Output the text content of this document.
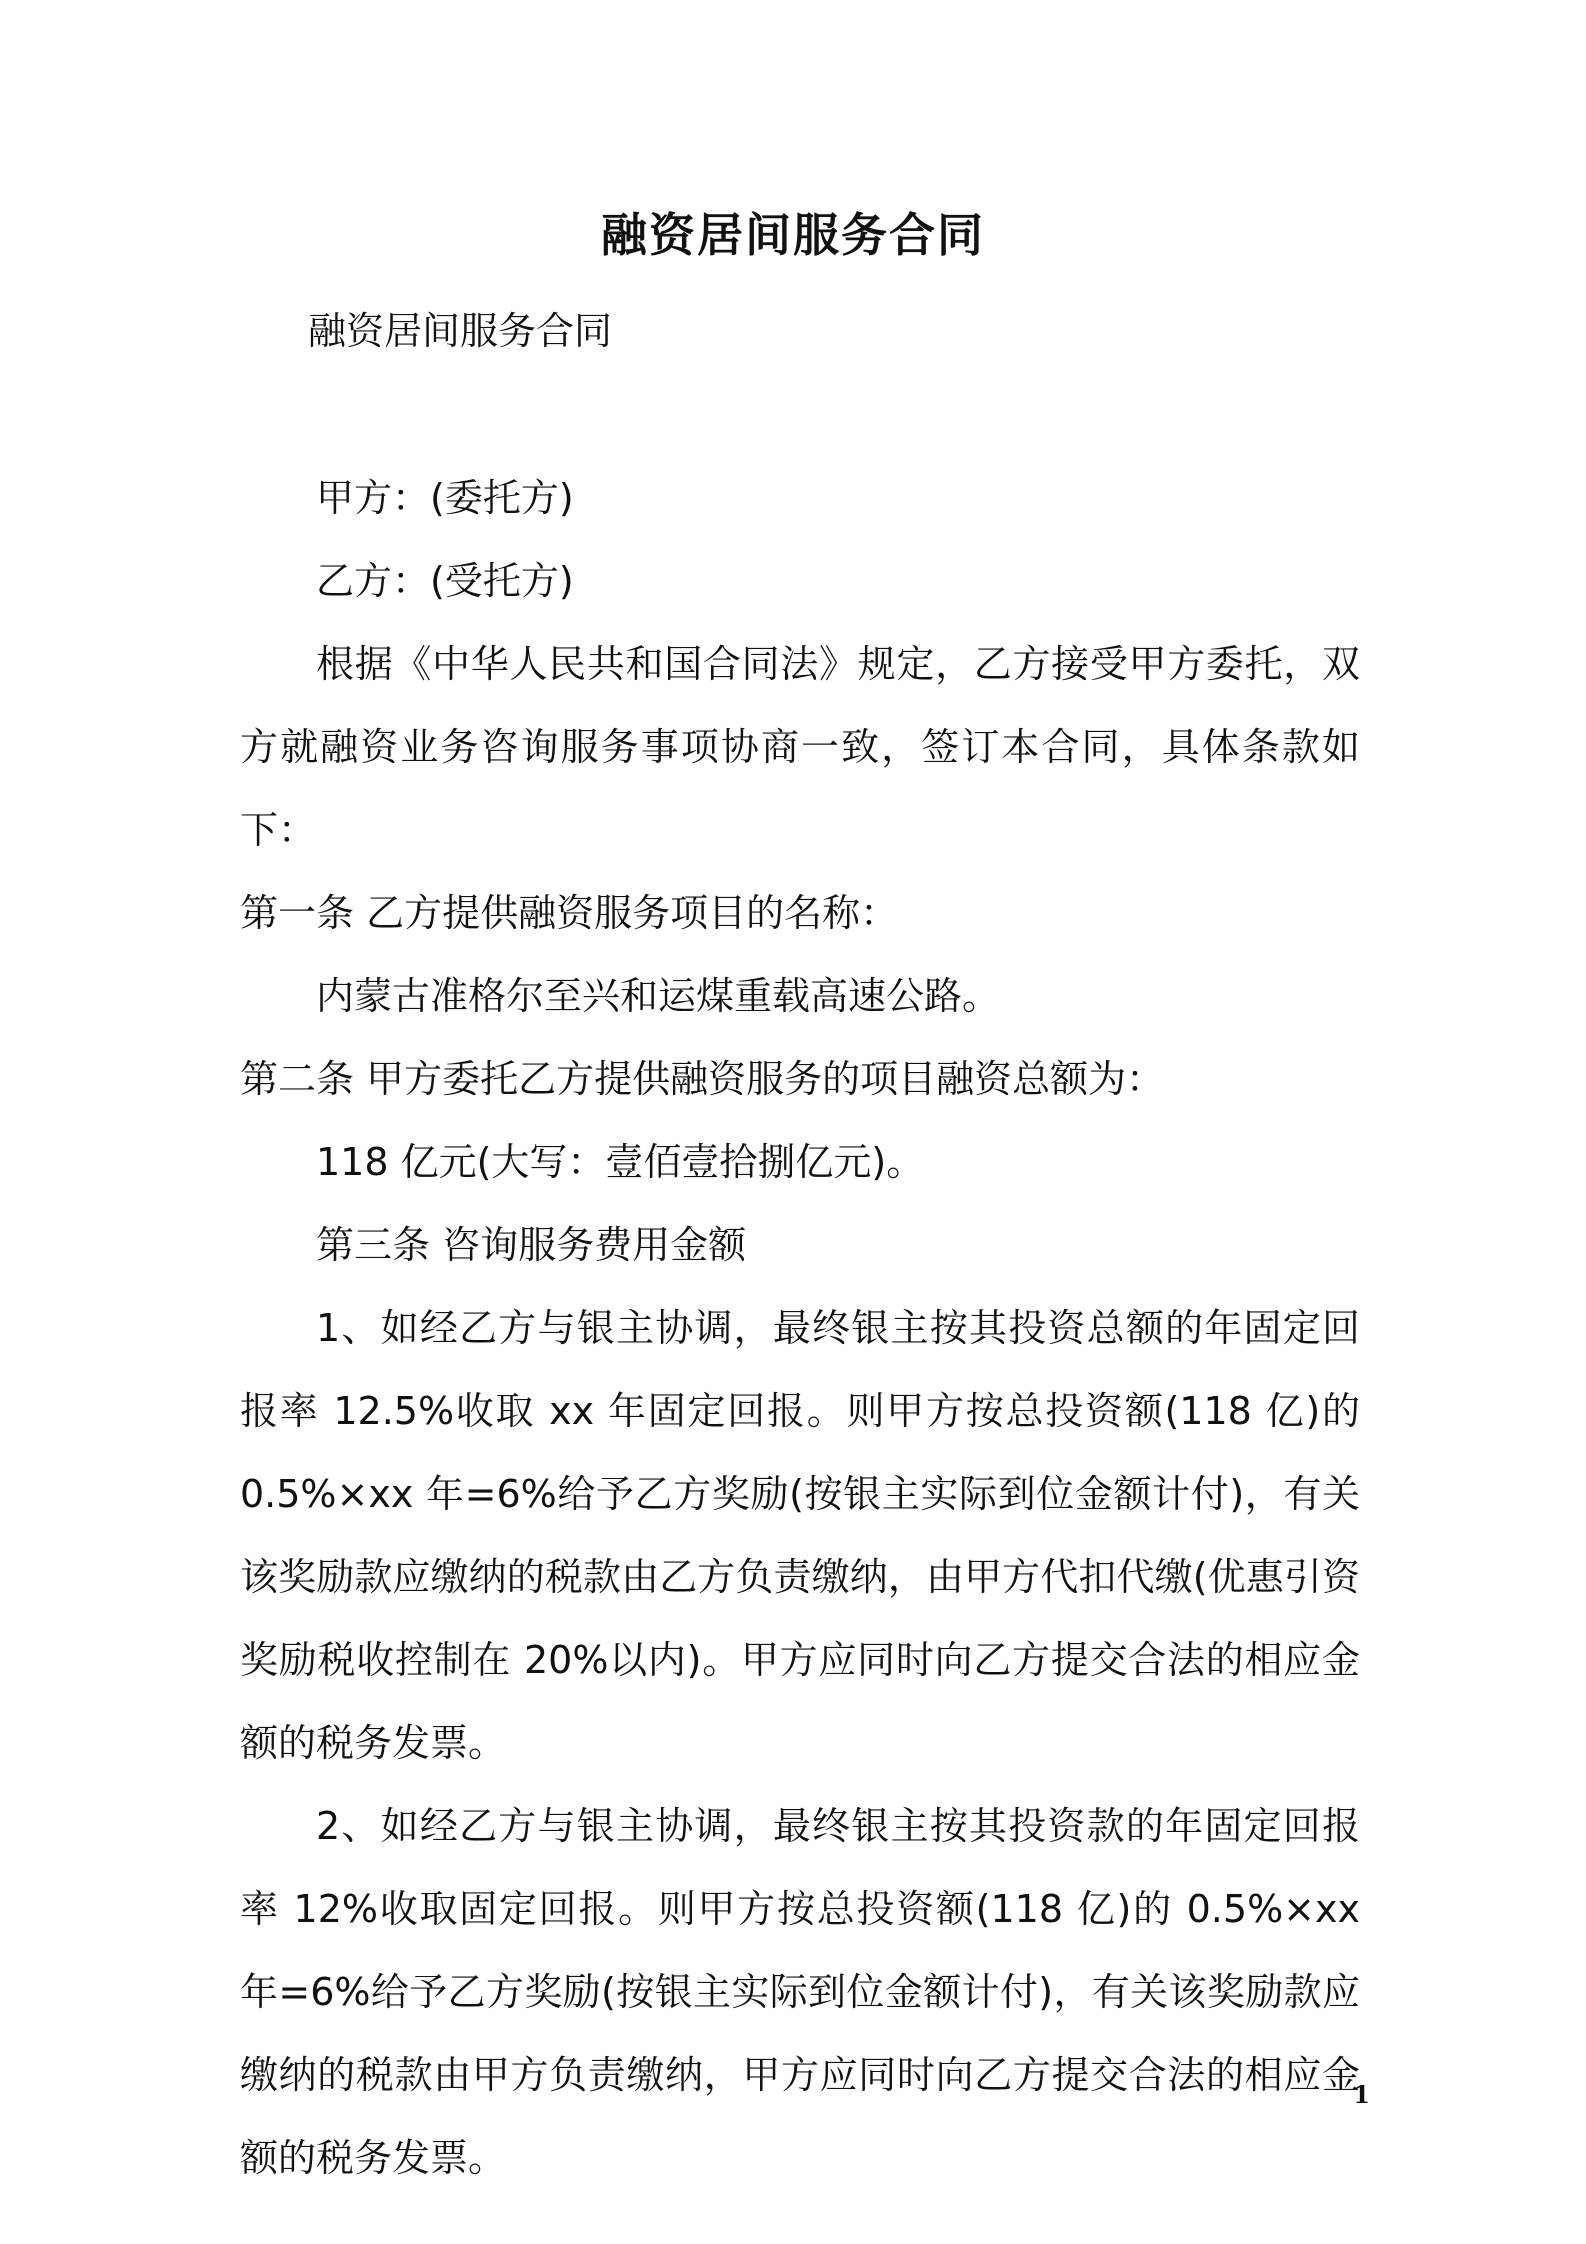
融资居间服务合同

融资居间服务合同

甲方：(委托方)

乙方：(受托方)

根据《中华人民共和国合同法》规定，乙方接受甲方委托，双方就融资业务咨询服务事项协商一致，签订本合同，具体条款如下：

第一条 乙方提供融资服务项目的名称：

内蒙古准格尔至兴和运煤重载高速公路。

第二条 甲方委托乙方提供融资服务的项目融资总额为：

118 亿元(大写：壹佰壹拾捌亿元)。

第三条 咨询服务费用金额

1、如经乙方与银主协调，最终银主按其投资总额的年固定回报率 12.5%收取 xx 年固定回报。则甲方按总投资额(118 亿)的 0.5%×xx 年=6%给予乙方奖励(按银主实际到位金额计付)，有关该奖励款应缴纳的税款由乙方负责缴纳，由甲方代扣代缴(优惠引资奖励税收控制在 20%以内)。甲方应同时向乙方提交合法的相应金额的税务发票。

2、如经乙方与银主协调，最终银主按其投资款的年固定回报率 12%收取固定回报。则甲方按总投资额(118 亿)的 0.5%×xx 年=6%给予乙方奖励(按银主实际到位金额计付)，有关该奖励款应缴纳的税款由甲方负责缴纳，甲方应同时向乙方提交合法的相应金额的税务发票。

1
